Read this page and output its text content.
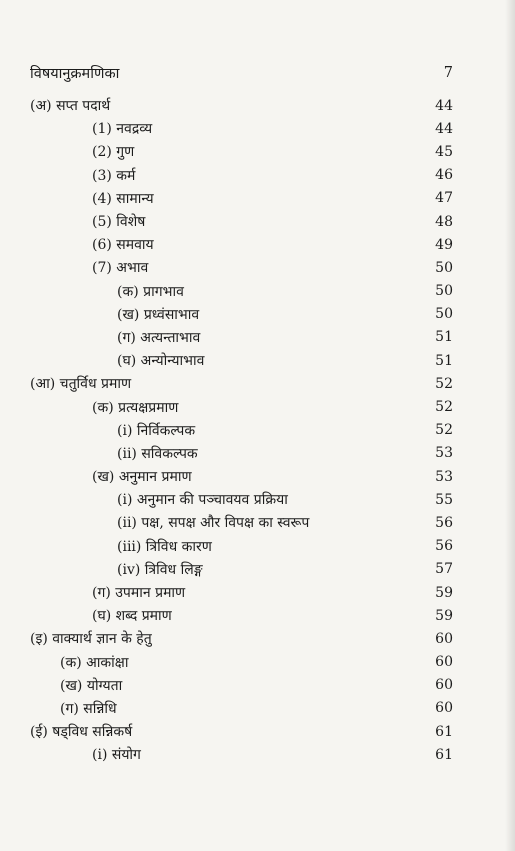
विषयानुक्रमणिका	7
(अ) सप्त पदार्थ	44
(1) नवद्रव्य	44
(2) गुण	45
(3) कर्म	46
(4) सामान्य	47
(5) विशेष	48
(6) समवाय	49
(7) अभाव	50
(क) प्रागभाव	50
(ख) प्रध्वंसाभाव	50
(ग) अत्यन्ताभाव	51
(घ) अन्योन्याभाव	51
(आ) चतुर्विध प्रमाण	52
(क) प्रत्यक्षप्रमाण	52
(i) निर्विकल्पक	52
(ii) सविकल्पक	53
(ख) अनुमान प्रमाण	53
(i) अनुमान की पञ्चावयव प्रक्रिया	55
(ii) पक्ष, सपक्ष और विपक्ष का स्वरूप	56
(iii) त्रिविध कारण	56
(iv) त्रिविध लिङ्ग	57
(ग) उपमान प्रमाण	59
(घ) शब्द प्रमाण	59
(इ) वाक्यार्थ ज्ञान के हेतु	60
(क) आकांक्षा	60
(ख) योग्यता	60
(ग) सन्निधि	60
(ई) षड्विध सन्निकर्ष	61
(i) संयोग	61
